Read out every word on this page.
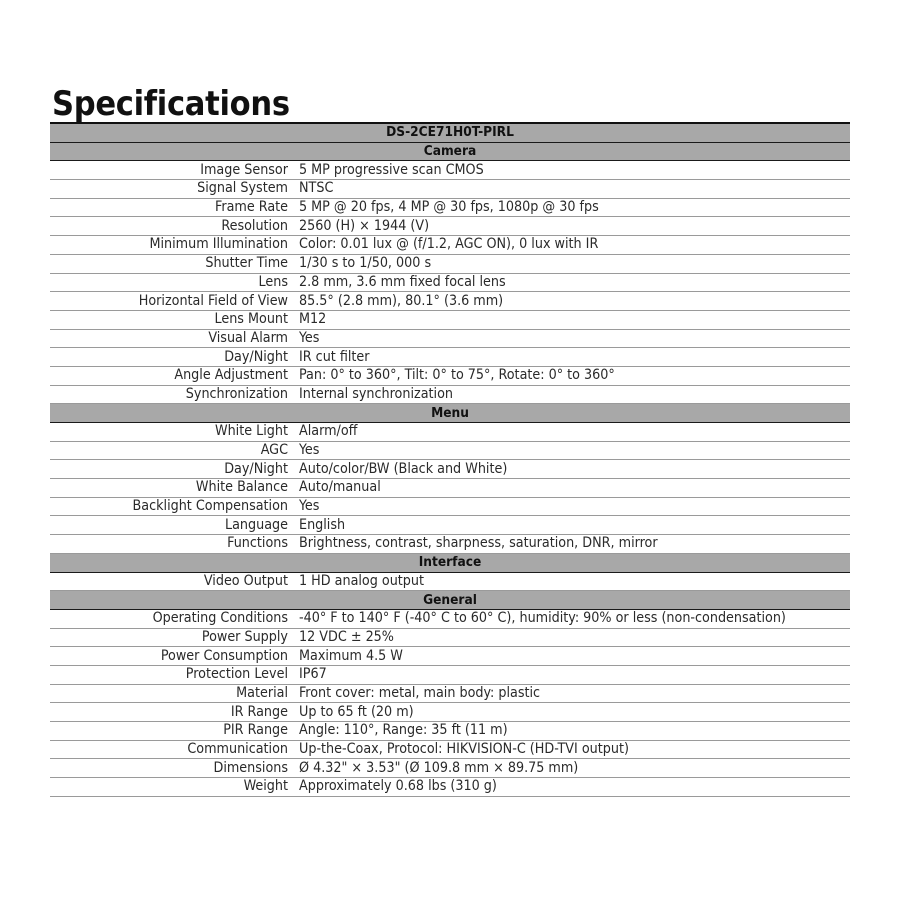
Specifications
DS-2CE71H0T-PIRL	
Camera	
Image Sensor	5 MP progressive scan CMOS
Signal System	NTSC
Frame Rate	5 MP @ 20 fps, 4 MP @ 30 fps, 1080p @ 30 fps
Resolution	2560 (H) × 1944 (V)
Minimum Illumination	Color: 0.01 lux @ (f/1.2, AGC ON), 0 lux with IR
Shutter Time	1/30 s to 1/50, 000 s
Lens	2.8 mm, 3.6 mm fixed focal lens
Horizontal Field of View	85.5° (2.8 mm), 80.1° (3.6 mm)
Lens Mount	M12
Visual Alarm	Yes
Day/Night	IR cut filter
Angle Adjustment	Pan: 0° to 360°, Tilt: 0° to 75°, Rotate: 0° to 360°
Synchronization	Internal synchronization
Menu	
White Light	Alarm/off
AGC	Yes
Day/Night	Auto/color/BW (Black and White)
White Balance	Auto/manual
Backlight Compensation	Yes
Language	English
Functions	Brightness, contrast, sharpness, saturation, DNR, mirror
Interface	
Video Output	1 HD analog output
General	
Operating Conditions	-40° F to 140° F (-40° C to 60° C), humidity: 90% or less (non-condensation)
Power Supply	12 VDC ± 25%
Power Consumption	Maximum 4.5 W
Protection Level	IP67
Material	Front cover: metal, main body: plastic
IR Range	Up to 65 ft (20 m)
PIR Range	Angle: 110°, Range: 35 ft (11 m)
Communication	Up-the-Coax, Protocol: HIKVISION-C (HD-TVI output)
Dimensions	Ø 4.32" × 3.53" (Ø 109.8 mm × 89.75 mm)
Weight	Approximately 0.68 lbs (310 g)
